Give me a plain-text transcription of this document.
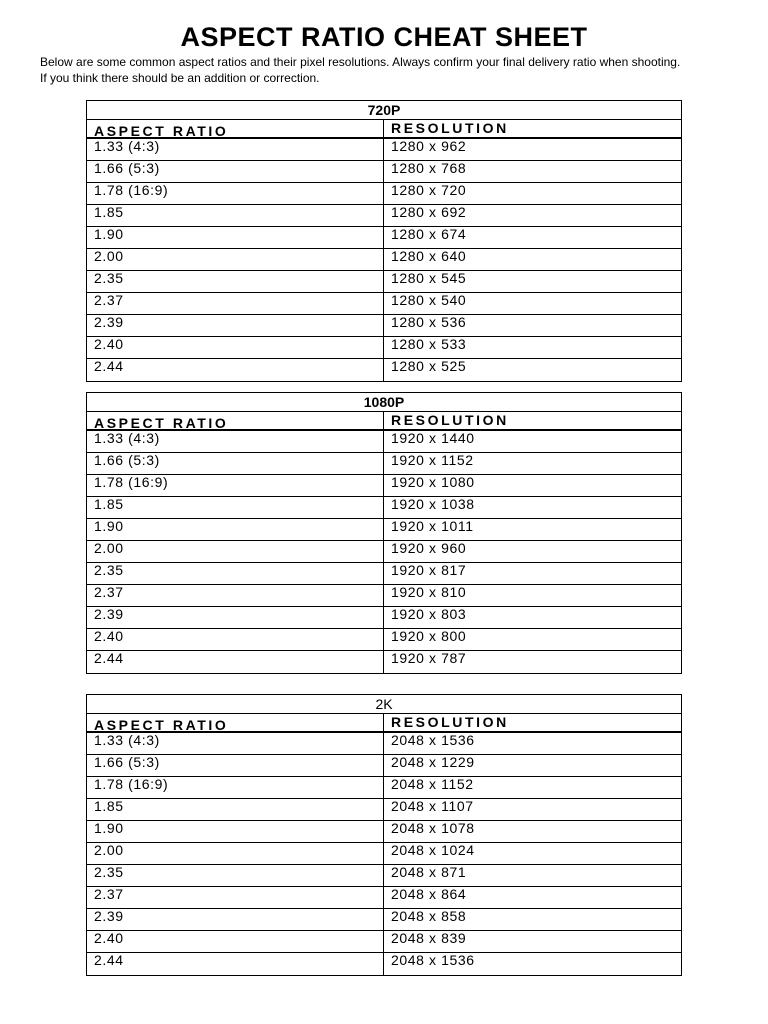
ASPECT RATIO CHEAT SHEET
Below are some common aspect ratios and their pixel resolutions. Always confirm your final delivery ratio when shooting.
If you think there should be an addition or correction.
720P
ASPECT RATIO	RESOLUTION
1.33 (4:3)	1280 x 962
1.66 (5:3)	1280 x 768
1.78 (16:9)	1280 x 720
1.85	1280 x 692
1.90	1280 x 674
2.00	1280 x 640
2.35	1280 x 545
2.37	1280 x 540
2.39	1280 x 536
2.40	1280 x 533
2.44	1280 x 525
1080P
ASPECT RATIO	RESOLUTION
1.33 (4:3)	1920 x 1440
1.66 (5:3)	1920 x 1152
1.78 (16:9)	1920 x 1080
1.85	1920 x 1038
1.90	1920 x 1011
2.00	1920 x 960
2.35	1920 x 817
2.37	1920 x 810
2.39	1920 x 803
2.40	1920 x 800
2.44	1920 x 787
2K
ASPECT RATIO	RESOLUTION
1.33 (4:3)	2048 x 1536
1.66 (5:3)	2048 x 1229
1.78 (16:9)	2048 x 1152
1.85	2048 x 1107
1.90	2048 x 1078
2.00	2048 x 1024
2.35	2048 x 871
2.37	2048 x 864
2.39	2048 x 858
2.40	2048 x 839
2.44	2048 x 1536
